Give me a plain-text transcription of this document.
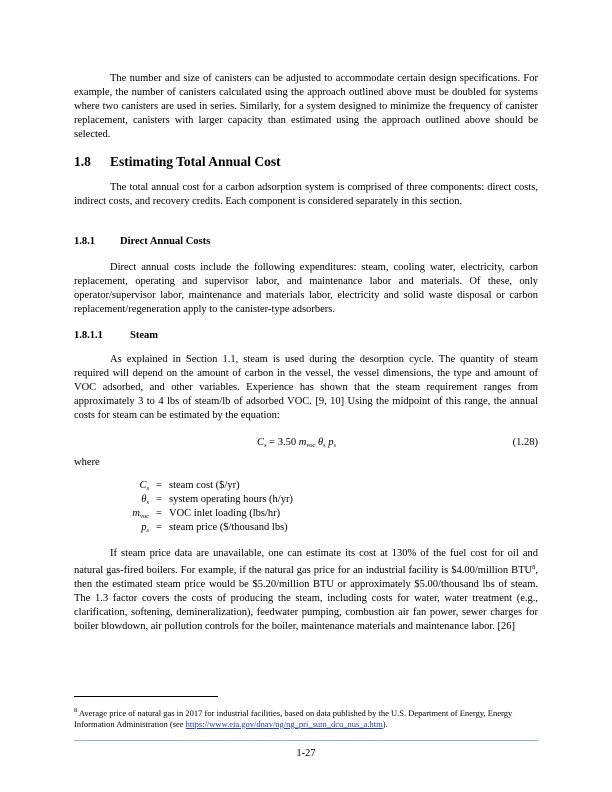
The number and size of canisters can be adjusted to accommodate certain design specifications. For example, the number of canisters calculated using the approach outlined above must be doubled for systems where two canisters are used in series. Similarly, for a system designed to minimize the frequency of canister replacement, canisters with larger capacity than estimated using the approach outlined above should be selected.

1.8 Estimating Total Annual Cost

The total annual cost for a carbon adsorption system is comprised of three components: direct costs, indirect costs, and recovery credits. Each component is considered separately in this section.

1.8.1 Direct Annual Costs

Direct annual costs include the following expenditures: steam, cooling water, electricity, carbon replacement, operating and supervisor labor, and maintenance labor and materials. Of these, only operator/supervisor labor, maintenance and materials labor, electricity and solid waste disposal or carbon replacement/regeneration apply to the canister-type adsorbers.

1.8.1.1	Steam

As explained in Section 1.1, steam is used during the desorption cycle. The quantity of steam required will depend on the amount of carbon in the vessel, the vessel dimensions, the type and amount of VOC adsorbed, and other variables. Experience has shown that the steam requirement ranges from approximately 3 to 4 lbs of steam/lb of adsorbed VOC. [9, 10] Using the midpoint of this range, the annual costs for steam can be estimated by the equation:

$C_s = 3.50$ $m_{voc}$ $\theta_s$ $p_s$	(1.28)

where

$C_s$ = steam cost ($/yr)
$\theta_s$ = system operating hours (h/yr)
$m_{voc}$ = VOC inlet loading (lbs/hr)
$p_s$ = steam price ($/thousand lbs)

If steam price data are unavailable, one can estimate its cost at 130% of the fuel cost for oil and natural gas-fired boilers. For example, if the natural gas price for an industrial facility is $4.00/million BTU$^8$, then the estimated steam price would be $5.20/million BTU or approximately $5.00/thousand lbs of steam. The 1.3 factor covers the costs of producing the steam, including costs for water, water treatment (e.g., clarification, softening, demineralization), feedwater pumping, combustion air fan power, sewer charges for boiler blowdown, air pollution controls for the boiler, maintenance materials and maintenance labor. [26]

$^8$ Average price of natural gas in 2017 for industrial facilities, based on data published by the U.S. Department of Energy, Energy Information Administration (see https://www.eia.gov/dnav/ng/ng_pri_sum_dcu_nus_a.htm).

1-27
